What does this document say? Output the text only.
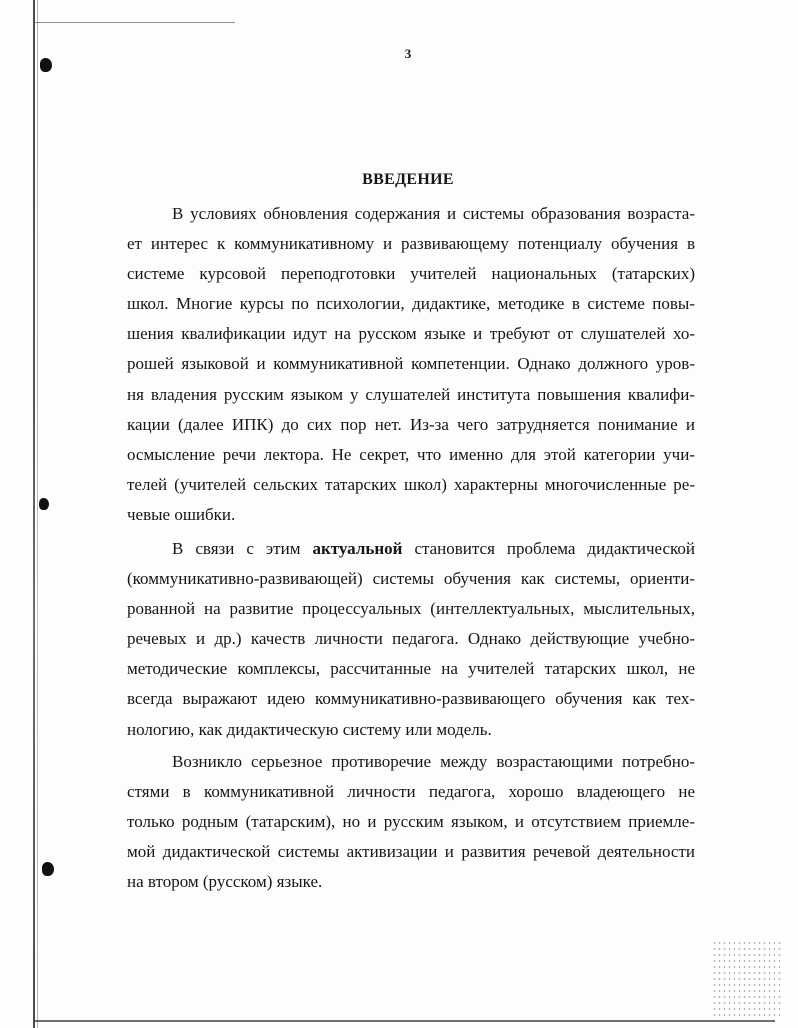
3
ВВЕДЕНИЕ
В условиях обновления содержания и системы образования возраста-
ет интерес к коммуникативному и развивающему потенциалу обучения в
системе курсовой переподготовки учителей национальных (татарских)
школ. Многие курсы по психологии, дидактике, методике в системе повы-
шения квалификации идут на русском языке и требуют от слушателей хо-
рошей языковой и коммуникативной компетенции. Однако должного уров-
ня владения русским языком у слушателей института повышения квалифи-
кации (далее ИПК) до сих пор нет. Из-за чего затрудняется понимание и
осмысление речи лектора. Не секрет, что именно для этой категории учи-
телей (учителей сельских татарских школ) характерны многочисленные ре-
чевые ошибки.
В связи с этим актуальной становится проблема дидактической
(коммуникативно-развивающей) системы обучения как системы, ориенти-
рованной на развитие процессуальных (интеллектуальных, мыслительных,
речевых и др.) качеств личности педагога. Однако действующие учебно-
методические комплексы, рассчитанные на учителей татарских школ, не
всегда выражают идею коммуникативно-развивающего обучения как тех-
нологию, как дидактическую систему или модель.
Возникло серьезное противоречие между возрастающими потребно-
стями в коммуникативной личности педагога, хорошо владеющего не
только родным (татарским), но и русским языком, и отсутствием приемле-
мой дидактической системы активизации и развития речевой деятельности
на втором (русском) языке.
